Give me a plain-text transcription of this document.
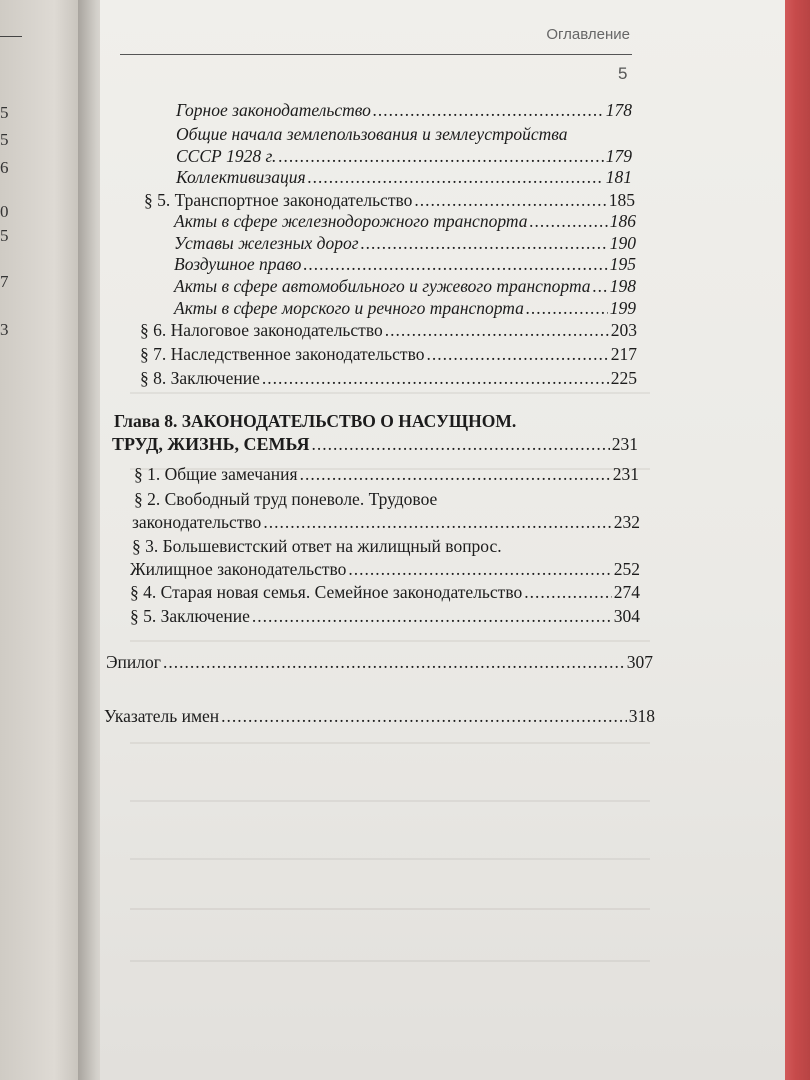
5
5
6
0
5
7
3
Оглавление
5
Горное законодательство .....	178
Общие начала землепользования и землеустройства
СССР 1928 г. .....	179
Коллективизация .....	181
§ 5. Транспортное законодательство .....	185
Акты в сфере железнодорожного транспорта .....	186
Уставы железных дорог .....	190
Воздушное право .....	195
Акты в сфере автомобильного и гужевого транспорта ..... 198
Акты в сфере морского и речного транспорта .....	199
§ 6. Налоговое законодательство .....	203
§ 7. Наследственное законодательство .....	217
§ 8. Заключение .....	225
Глава 8. ЗАКОНОДАТЕЛЬСТВО О НАСУЩНОМ.
ТРУД, ЖИЗНЬ, СЕМЬЯ .....	231
§ 1. Общие замечания .....	231
§ 2. Свободный труд поневоле. Трудовое
законодательство .....	232
§ 3. Большевистский ответ на жилищный вопрос.
Жилищное законодательство .....	252
§ 4. Старая новая семья. Семейное законодательство .....	274
§ 5. Заключение .....	304
Эпилог .....	307
Указатель имен .....	318
